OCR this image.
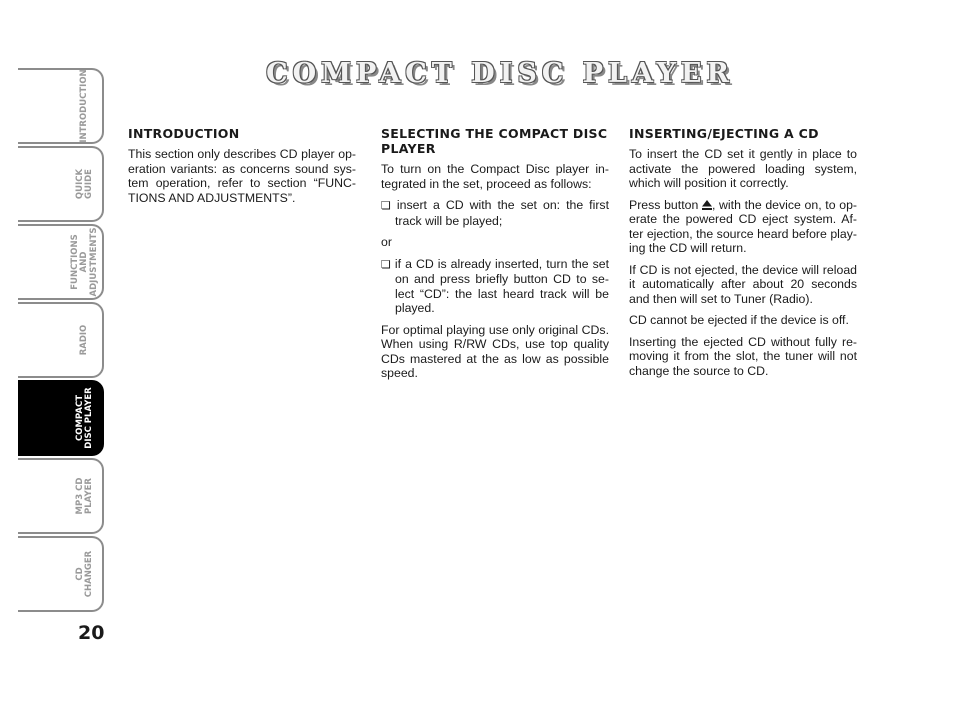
INTRODUCTION
QUICK
GUIDE
FUNCTIONS AND
ADJUSTMENTS
RADIO
COMPACT
DISC PLAYER
MP3 CD
PLAYER
CD
CHANGER
20
COMPACT DISC PLAYER
INTRODUCTION

This section only describes CD player op-eration variants: as concerns sound sys-tem operation, refer to section “FUNC-TIONS AND ADJUSTMENTS”.

SELECTING THE COMPACT DISC PLAYER

To turn on the Compact Disc player in-tegrated in the set, proceed as follows:

❏ insert a CD with the set on: the first track will be played;

or

❏ if a CD is already inserted, turn the set on and press briefly button CD to se-lect “CD”: the last heard track will be played.

For optimal playing use only original CDs. When using R/RW CDs, use top quality CDs mastered at the as low as possible speed.

INSERTING/EJECTING A CD

To insert the CD set it gently in place to activate the powered loading system, which will position it correctly.

Press button , with the device on, to op-erate the powered CD eject system. Af-ter ejection, the source heard before play-ing the CD will return.

If CD is not ejected, the device will reload it automatically after about 20 seconds and then will set to Tuner (Radio).

CD cannot be ejected if the device is off.

Inserting the ejected CD without fully re-moving it from the slot, the tuner will not change the source to CD.
